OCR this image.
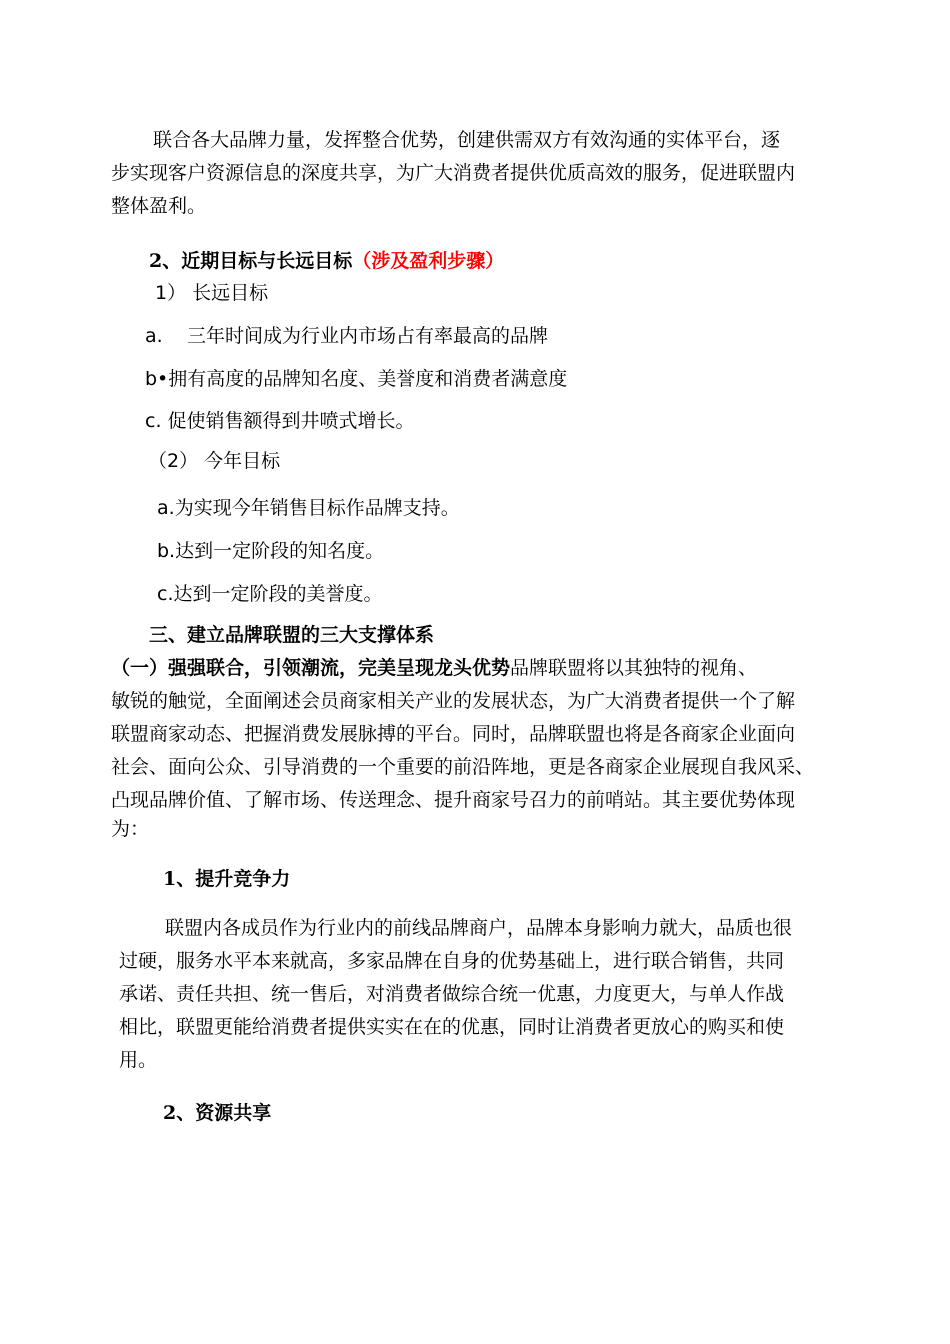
联合各大品牌力量，发挥整合优势，创建供需双方有效沟通的实体平台，逐
步实现客户资源信息的深度共享，为广大消费者提供优质高效的服务，促进联盟内
整体盈利。
2、近期目标与长远目标（涉及盈利步骤）
1） 长远目标
a. 三年时间成为行业内市场占有率最高的品牌
b•拥有高度的品牌知名度、美誉度和消费者满意度
c. 促使销售额得到井喷式增长。
（2） 今年目标
a.为实现今年销售目标作品牌支持。
b.达到一定阶段的知名度。
c.达到一定阶段的美誉度。
三、建立品牌联盟的三大支撑体系
（一）强强联合，引领潮流，完美呈现龙头优势品牌联盟将以其独特的视角、
敏锐的触觉，全面阐述会员商家相关产业的发展状态，为广大消费者提供一个了解
联盟商家动态、把握消费发展脉搏的平台。同时，品牌联盟也将是各商家企业面向
社会、面向公众、引导消费的一个重要的前沿阵地，更是各商家企业展现自我风采、
凸现品牌价值、了解市场、传送理念、提升商家号召力的前哨站。其主要优势体现
为：
1、提升竞争力
联盟内各成员作为行业内的前线品牌商户，品牌本身影响力就大，品质也很
过硬，服务水平本来就高，多家品牌在自身的优势基础上，进行联合销售，共同
承诺、责任共担、统一售后，对消费者做综合统一优惠，力度更大，与单人作战
相比，联盟更能给消费者提供实实在在的优惠，同时让消费者更放心的购买和使
用。
2、资源共享
